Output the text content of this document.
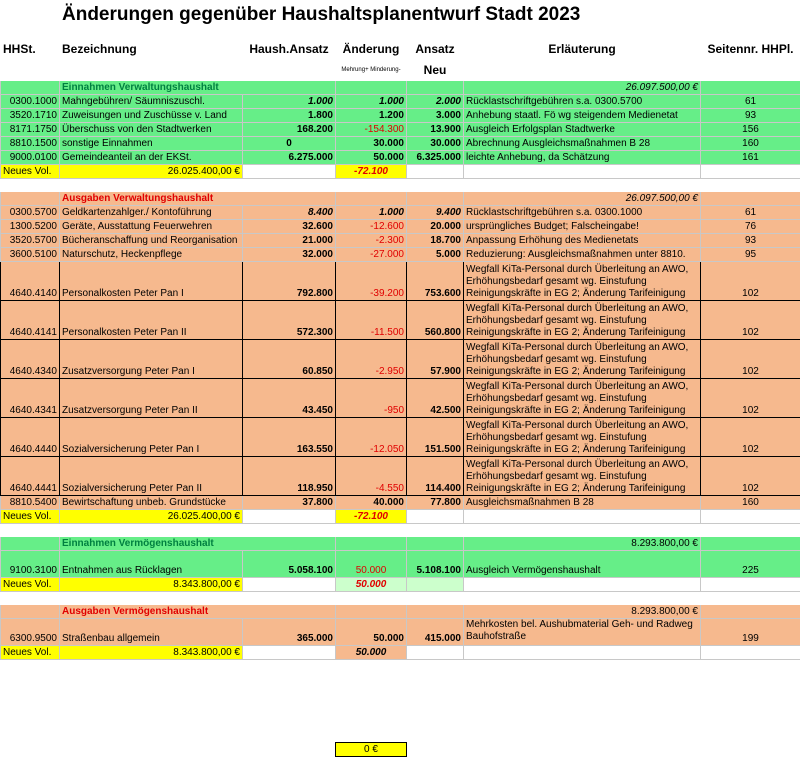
Änderungen gegenüber Haushaltsplanentwurf Stadt 2023
HHSt.	Bezeichnung	Haush.Ansatz	Änderung	Ansatz	Erläuterung	Seitennr. HHPl.
			Mehrung+ Minderung-	Neu		
	Einnahmen Verwaltungshaushalt				26.097.500,00 €	
0300.1000	Mahngebühren/ Säumniszuschl.	1.000	1.000	2.000	Rücklastschriftgebühren s.a. 0300.5700	61
3520.1710	Zuweisungen und Zuschüsse v. Land	1.800	1.200	3.000	Anhebung staatl. Fö wg steigendem Medienetat	93
8171.1750	Überschuss von den Stadtwerken	168.200	-154.300	13.900	Ausgleich Erfolgsplan Stadtwerke	156
8810.1500	sonstige Einnahmen	0	30.000	30.000	Abrechnung Ausgleichsmaßnahmen B 28	160
9000.0100	Gemeindeanteil an der EKSt.	6.275.000	50.000	6.325.000	leichte Anhebung, da Schätzung	161
Neues Vol.	26.025.400,00 €		-72.100			

	Ausgaben Verwaltungshaushalt				26.097.500,00 €	
0300.5700	Geldkartenzahlger./ Kontoführung	8.400	1.000	9.400	Rücklastschriftgebühren s.a. 0300.1000	61
1300.5200	Geräte, Ausstattung Feuerwehren	32.600	-12.600	20.000	ursprüngliches Budget; Falscheingabe!	76
3520.5700	Bücheranschaffung und Reorganisation	21.000	-2.300	18.700	Anpassung Erhöhung des Medienetats	93
3600.5100	Naturschutz, Heckenpflege	32.000	-27.000	5.000	Reduzierung: Ausgleichsmaßnahmen unter 8810.	95
4640.4140	Personalkosten Peter Pan I	792.800	-39.200	753.600	Wegfall KiTa-Personal durch Überleitung an AWO, Erhöhungsbedarf gesamt wg. Einstufung Reinigungskräfte in EG 2; Änderung Tarifeinigung	102
4640.4141	Personalkosten Peter Pan II	572.300	-11.500	560.800	Wegfall KiTa-Personal durch Überleitung an AWO, Erhöhungsbedarf gesamt wg. Einstufung Reinigungskräfte in EG 2; Änderung Tarifeinigung	102
4640.4340	Zusatzversorgung Peter Pan I	60.850	-2.950	57.900	Wegfall KiTa-Personal durch Überleitung an AWO, Erhöhungsbedarf gesamt wg. Einstufung Reinigungskräfte in EG 2; Änderung Tarifeinigung	102
4640.4341	Zusatzversorgung Peter Pan II	43.450	-950	42.500	Wegfall KiTa-Personal durch Überleitung an AWO, Erhöhungsbedarf gesamt wg. Einstufung Reinigungskräfte in EG 2; Änderung Tarifeinigung	102
4640.4440	Sozialversicherung Peter Pan I	163.550	-12.050	151.500	Wegfall KiTa-Personal durch Überleitung an AWO, Erhöhungsbedarf gesamt wg. Einstufung Reinigungskräfte in EG 2; Änderung Tarifeinigung	102
4640.4441	Sozialversicherung Peter Pan II	118.950	-4.550	114.400	Wegfall KiTa-Personal durch Überleitung an AWO, Erhöhungsbedarf gesamt wg. Einstufung Reinigungskräfte in EG 2; Änderung Tarifeinigung	102
8810.5400	Bewirtschaftung unbeb. Grundstücke	37.800	40.000	77.800	Ausgleichsmaßnahmen B 28	160
Neues Vol.	26.025.400,00 €		-72.100			

	Einnahmen Vermögenshaushalt				8.293.800,00 €	
9100.3100	Entnahmen aus Rücklagen	5.058.100	50.000	5.108.100	Ausgleich Vermögenshaushalt	225
Neues Vol.	8.343.800,00 €		50.000			

	Ausgaben Vermögenshaushalt				8.293.800,00 €	
6300.9500	Straßenbau allgemein	365.000	50.000	415.000	Mehrkosten bel. Aushubmaterial Geh- und Radweg Bauhofstraße	199
Neues Vol.	8.343.800,00 €		50.000			
0 €
